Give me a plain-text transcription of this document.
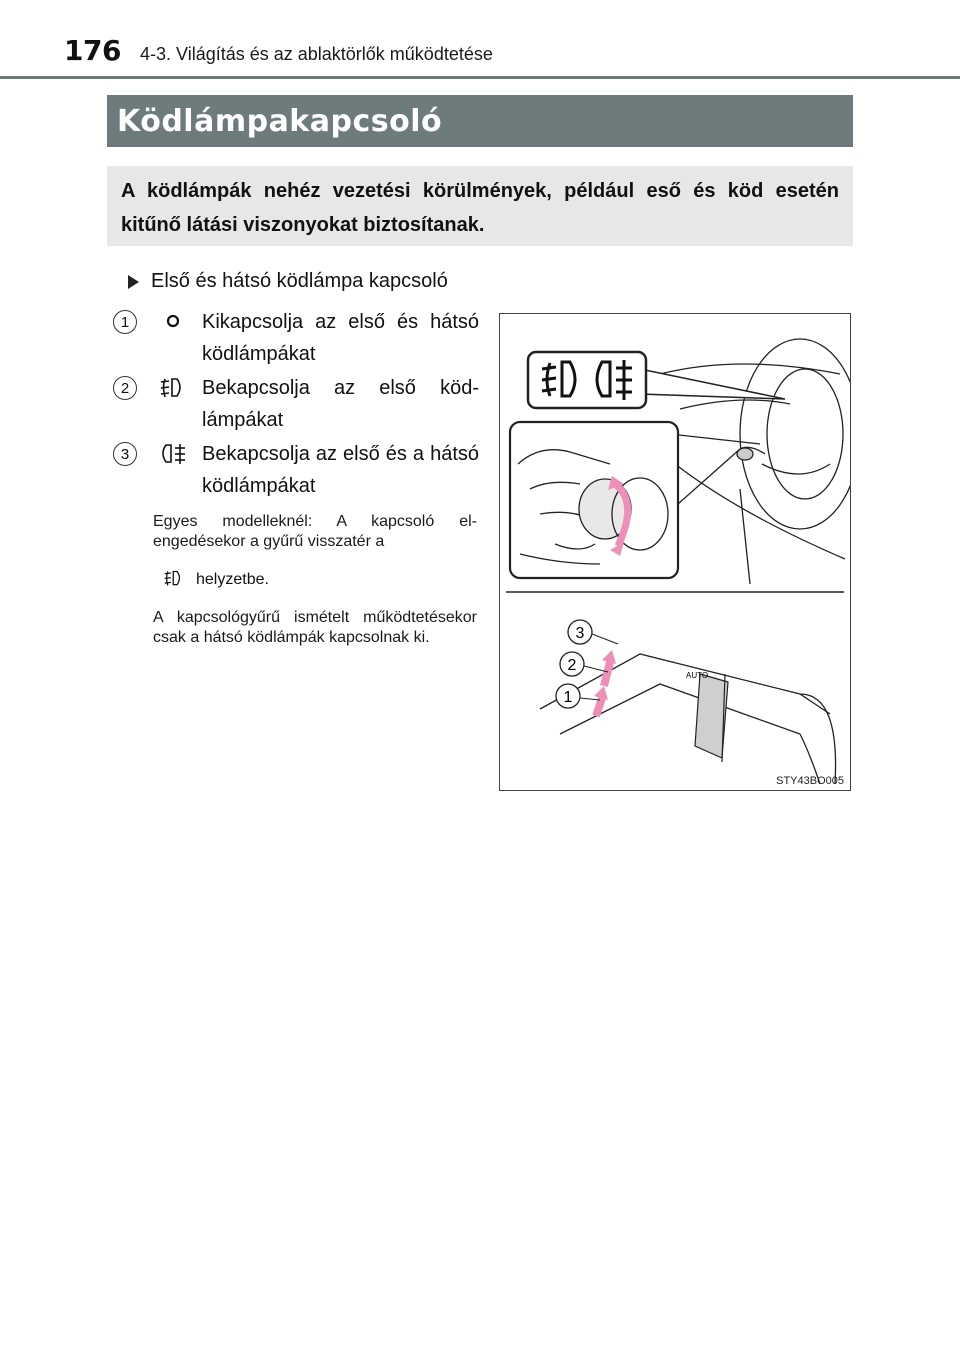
176 4-3. Világítás és az ablaktörlők működtetése
Ködlámpakapcsoló
A ködlámpák nehéz vezetési körülmények, például eső és köd esetén kitűnő látási viszonyokat biztosítanak.
Első és hátsó ködlámpa kapcsoló
1	Kikapcsolja az első és hátsó ködlámpákat
2	Bekapcsolja az első ködlámpákat
3	Bekapcsolja az első és a hátsó ködlámpákat
Egyes modelleknél: A kapcsoló elengedésekor a gyűrű visszatér a
helyzetbe.
A kapcsológyűrű ismételt működtetésekor csak a hátsó ködlámpák kapcsolnak ki.
AUTO
3
2
1
STY43BO005
